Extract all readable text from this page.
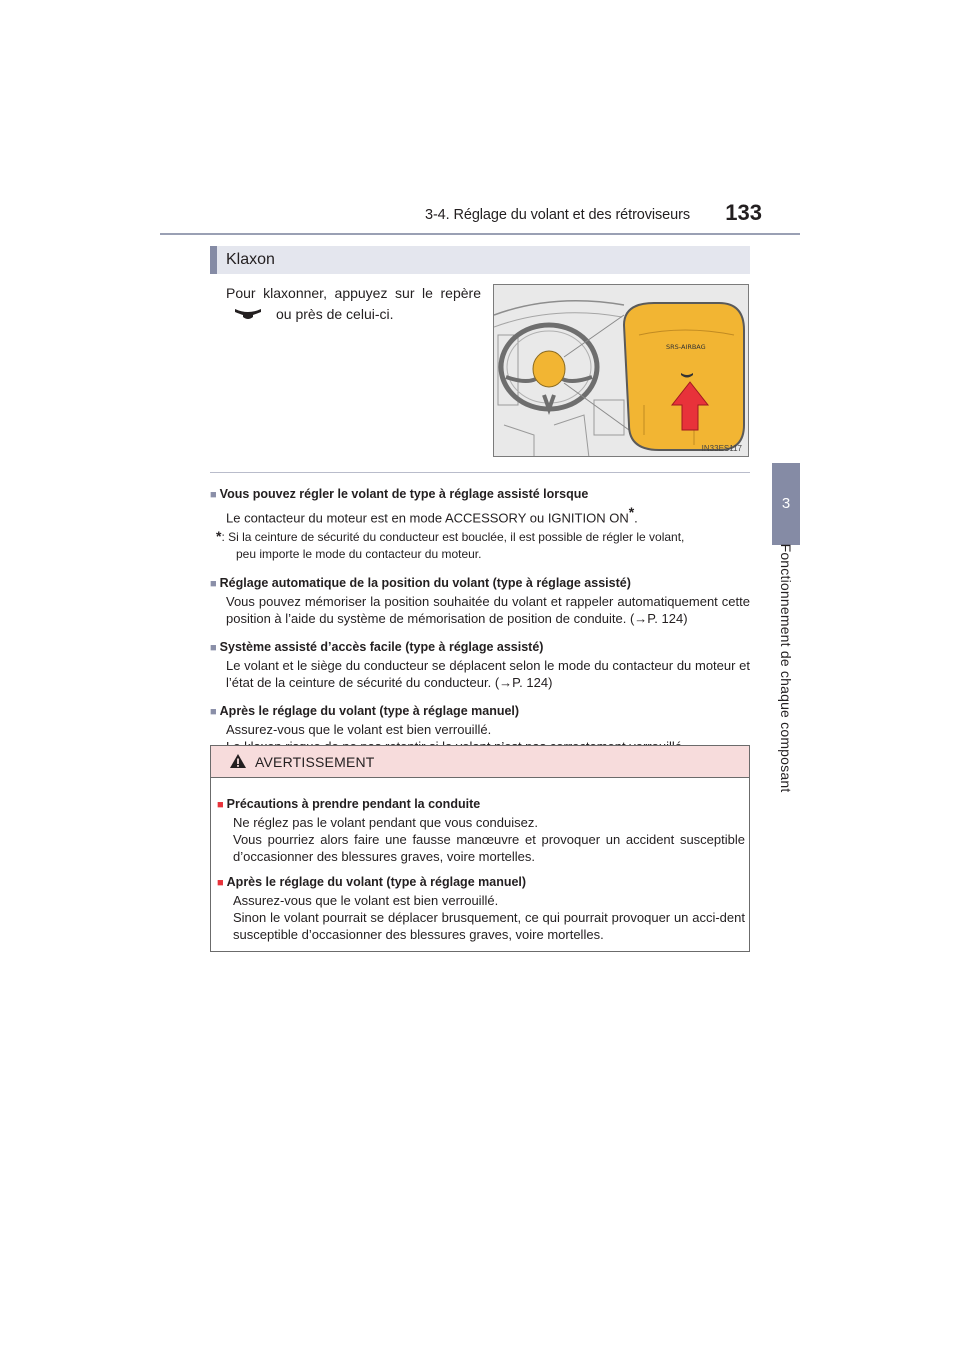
3-4. Réglage du volant et des rétroviseurs	133
3
Fonctionnement de chaque composant
Klaxon
Pour klaxonner, appuyez sur le repère
ou près de celui-ci.
SRS-AIRBAG
IN33ES117
■ Vous pouvez régler le volant de type à réglage assisté lorsque
Le contacteur du moteur est en mode ACCESSORY ou IGNITION ON*.
*: Si la ceinture de sécurité du conducteur est bouclée, il est possible de régler le volant,
peu importe le mode du contacteur du moteur.
■ Réglage automatique de la position du volant (type à réglage assisté)
Vous pouvez mémoriser la position souhaitée du volant et rappeler automatiquement cette position à l’aide du système de mémorisation de position de conduite. (→P. 124)
■ Système assisté d’accès facile (type à réglage assisté)
Le volant et le siège du conducteur se déplacent selon le mode du contacteur du moteur et l’état de la ceinture de sécurité du conducteur. (→P. 124)
■ Après le réglage du volant (type à réglage manuel)
Assurez-vous que le volant est bien verrouillé.
AVERTISSEMENT
■ Précautions à prendre pendant la conduite
Ne réglez pas le volant pendant que vous conduisez.
Vous pourriez alors faire une fausse manœuvre et provoquer un accident susceptible d’occasionner des blessures graves, voire mortelles.
■ Après le réglage du volant (type à réglage manuel)
Assurez-vous que le volant est bien verrouillé.
Sinon le volant pourrait se déplacer brusquement, ce qui pourrait provoquer un acci-dent susceptible d’occasionner des blessures graves, voire mortelles.
